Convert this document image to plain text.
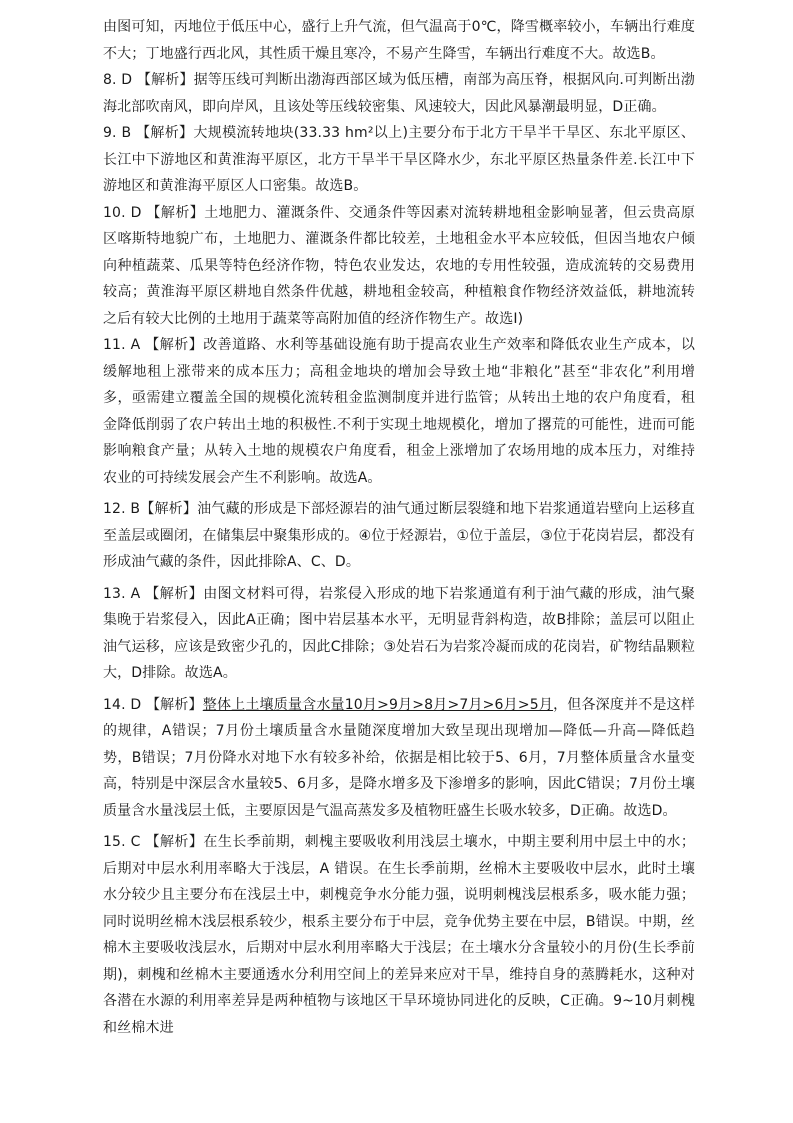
由图可知，丙地位于低压中心，盛行上升气流，但气温高于0℃，降雪概率较小，车辆出行难度不大；丁地盛行西北风，其性质干燥且寒冷，不易产生降雪，车辆出行难度不大。故选B。

8. D 【解析】据等压线可判断出渤海西部区域为低压槽，南部为高压脊，根据风向.可判断出渤海北部吹南风，即向岸风，且该处等压线较密集、风速较大，因此风暴潮最明显，D正确。

9. B 【解析】大规模流转地块(33.33 hm²以上)主要分布于北方干旱半干旱区、东北平原区、长江中下游地区和黄淮海平原区，北方干旱半干旱区降水少，东北平原区热量条件差.长江中下游地区和黄淮海平原区人口密集。故选B。

10. D 【解析】土地肥力、灌溉条件、交通条件等因素对流转耕地租金影响显著，但云贵高原区喀斯特地貌广布，土地肥力、灌溉条件都比较差，土地租金水平本应较低，但因当地农户倾向种植蔬菜、瓜果等特色经济作物，特色农业发达，农地的专用性较强，造成流转的交易费用较高；黄淮海平原区耕地自然条件优越，耕地租金较高，种植粮食作物经济效益低，耕地流转之后有较大比例的土地用于蔬菜等高附加值的经济作物生产。故选I)

11. A 【解析】改善道路、水利等基础设施有助于提高农业生产效率和降低农业生产成本，以缓解地租上涨带来的成本压力；高租金地块的增加会导致土地“非粮化”甚至“非农化”利用增多，亟需建立覆盖全国的规模化流转租金监测制度并进行监管；从转出土地的农户角度看，租金降低削弱了农户转出土地的积极性.不利于实现土地规模化，增加了撂荒的可能性，进而可能影响粮食产量；从转入土地的规模农户角度看，租金上涨增加了农场用地的成本压力，对维持农业的可持续发展会产生不利影响。故选A。

12. B【解析】油气藏的形成是下部烃源岩的油气通过断层裂缝和地下岩浆通道岩壁向上运移直至盖层或圈闭，在储集层中聚集形成的。④位于烃源岩，①位于盖层，③位于花岗岩层，都没有形成油气藏的条件，因此排除A、C、D。

13. A 【解析】由图文材料可得，岩浆侵入形成的地下岩浆通道有利于油气藏的形成，油气聚集晚于岩浆侵入，因此A正确；图中岩层基本水平，无明显背斜构造，故B排除；盖层可以阻止油气运移，应该是致密少孔的，因此C排除；③处岩石为岩浆冷凝而成的花岗岩，矿物结晶颗粒大，D排除。故选A。

14. D 【解析】整体上土壤质量含水量10月>9月>8月>7月>6月>5月，但各深度并不是这样的规律，A错误；7月份土壤质量含水量随深度增加大致呈现出现增加—降低—升高—降低趋势，B错误；7月份降水对地下水有较多补给，依据是相比较于5、6月，7月整体质量含水量变高，特别是中深层含水量较5、6月多，是降水增多及下渗增多的影响，因此C错误；7月份土壤质量含水量浅层土低，主要原因是气温高蒸发多及植物旺盛生长吸水较多，D正确。故选D。

15. C 【解析】在生长季前期，刺槐主要吸收利用浅层土壤水，中期主要利用中层土中的水；后期对中层水利用率略大于浅层，A 错误。在生长季前期，丝棉木主要吸收中层水，此时土壤水分较少且主要分布在浅层土中，刺槐竞争水分能力强，说明刺槐浅层根系多，吸水能力强；同时说明丝棉木浅层根系较少，根系主要分布于中层，竞争优势主要在中层，B错误。中期，丝棉木主要吸收浅层水，后期对中层水利用率略大于浅层；在土壤水分含量较小的月份(生长季前期)，刺槐和丝棉木主要通透水分利用空间上的差异来应对干旱，维持自身的蒸腾耗水，这种对各潜在水源的利用率差异是两种植物与该地区干旱环境协同进化的反映，C正确。9~10月刺槐和丝棉木进
